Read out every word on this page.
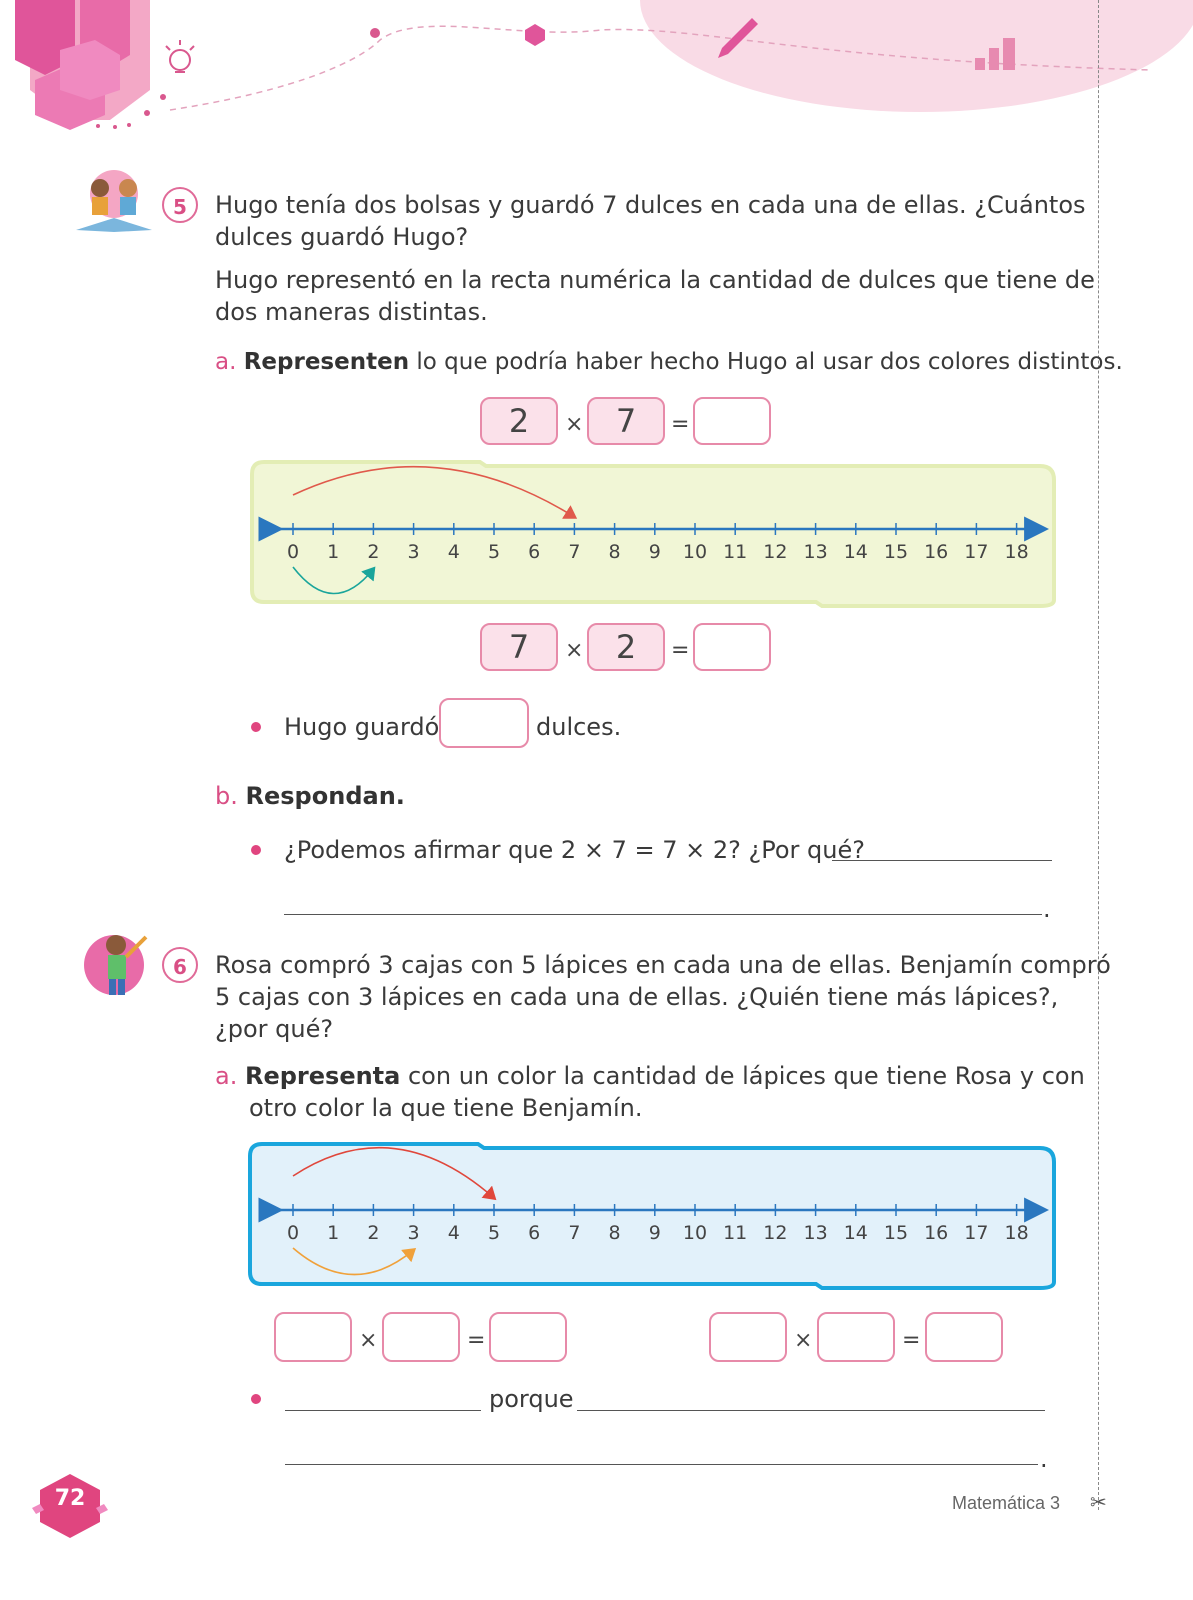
5	Hugo tenía dos bolsas y guardó 7 dulces en cada una de ellas. ¿Cuántos
dulces guardó Hugo?
Hugo representó en la recta numérica la cantidad de dulces que tiene de
dos maneras distintas.
a. Representen lo que podría haber hecho Hugo al usar dos colores distintos.
2	×	7	=
0 1 2 3 4 5 6 7 8 9 10 11 12 13 14 15 16 17 18
7	×	2	=
Hugo guardó	dulces.
b. Respondan.
¿Podemos afirmar que 2 × 7 = 7 × 2? ¿Por qué?
.
6	Rosa compró 3 cajas con 5 lápices en cada una de ellas. Benjamín compró
5 cajas con 3 lápices en cada una de ellas. ¿Quién tiene más lápices?,
¿por qué?
a. Representa con un color la cantidad de lápices que tiene Rosa y con
otro color la que tiene Benjamín.
0 1 2 3 4 5 6 7 8 9 10 11 12 13 14 15 16 17 18
×	=	×	=
porque
.
72	Matemática 3 ✂
